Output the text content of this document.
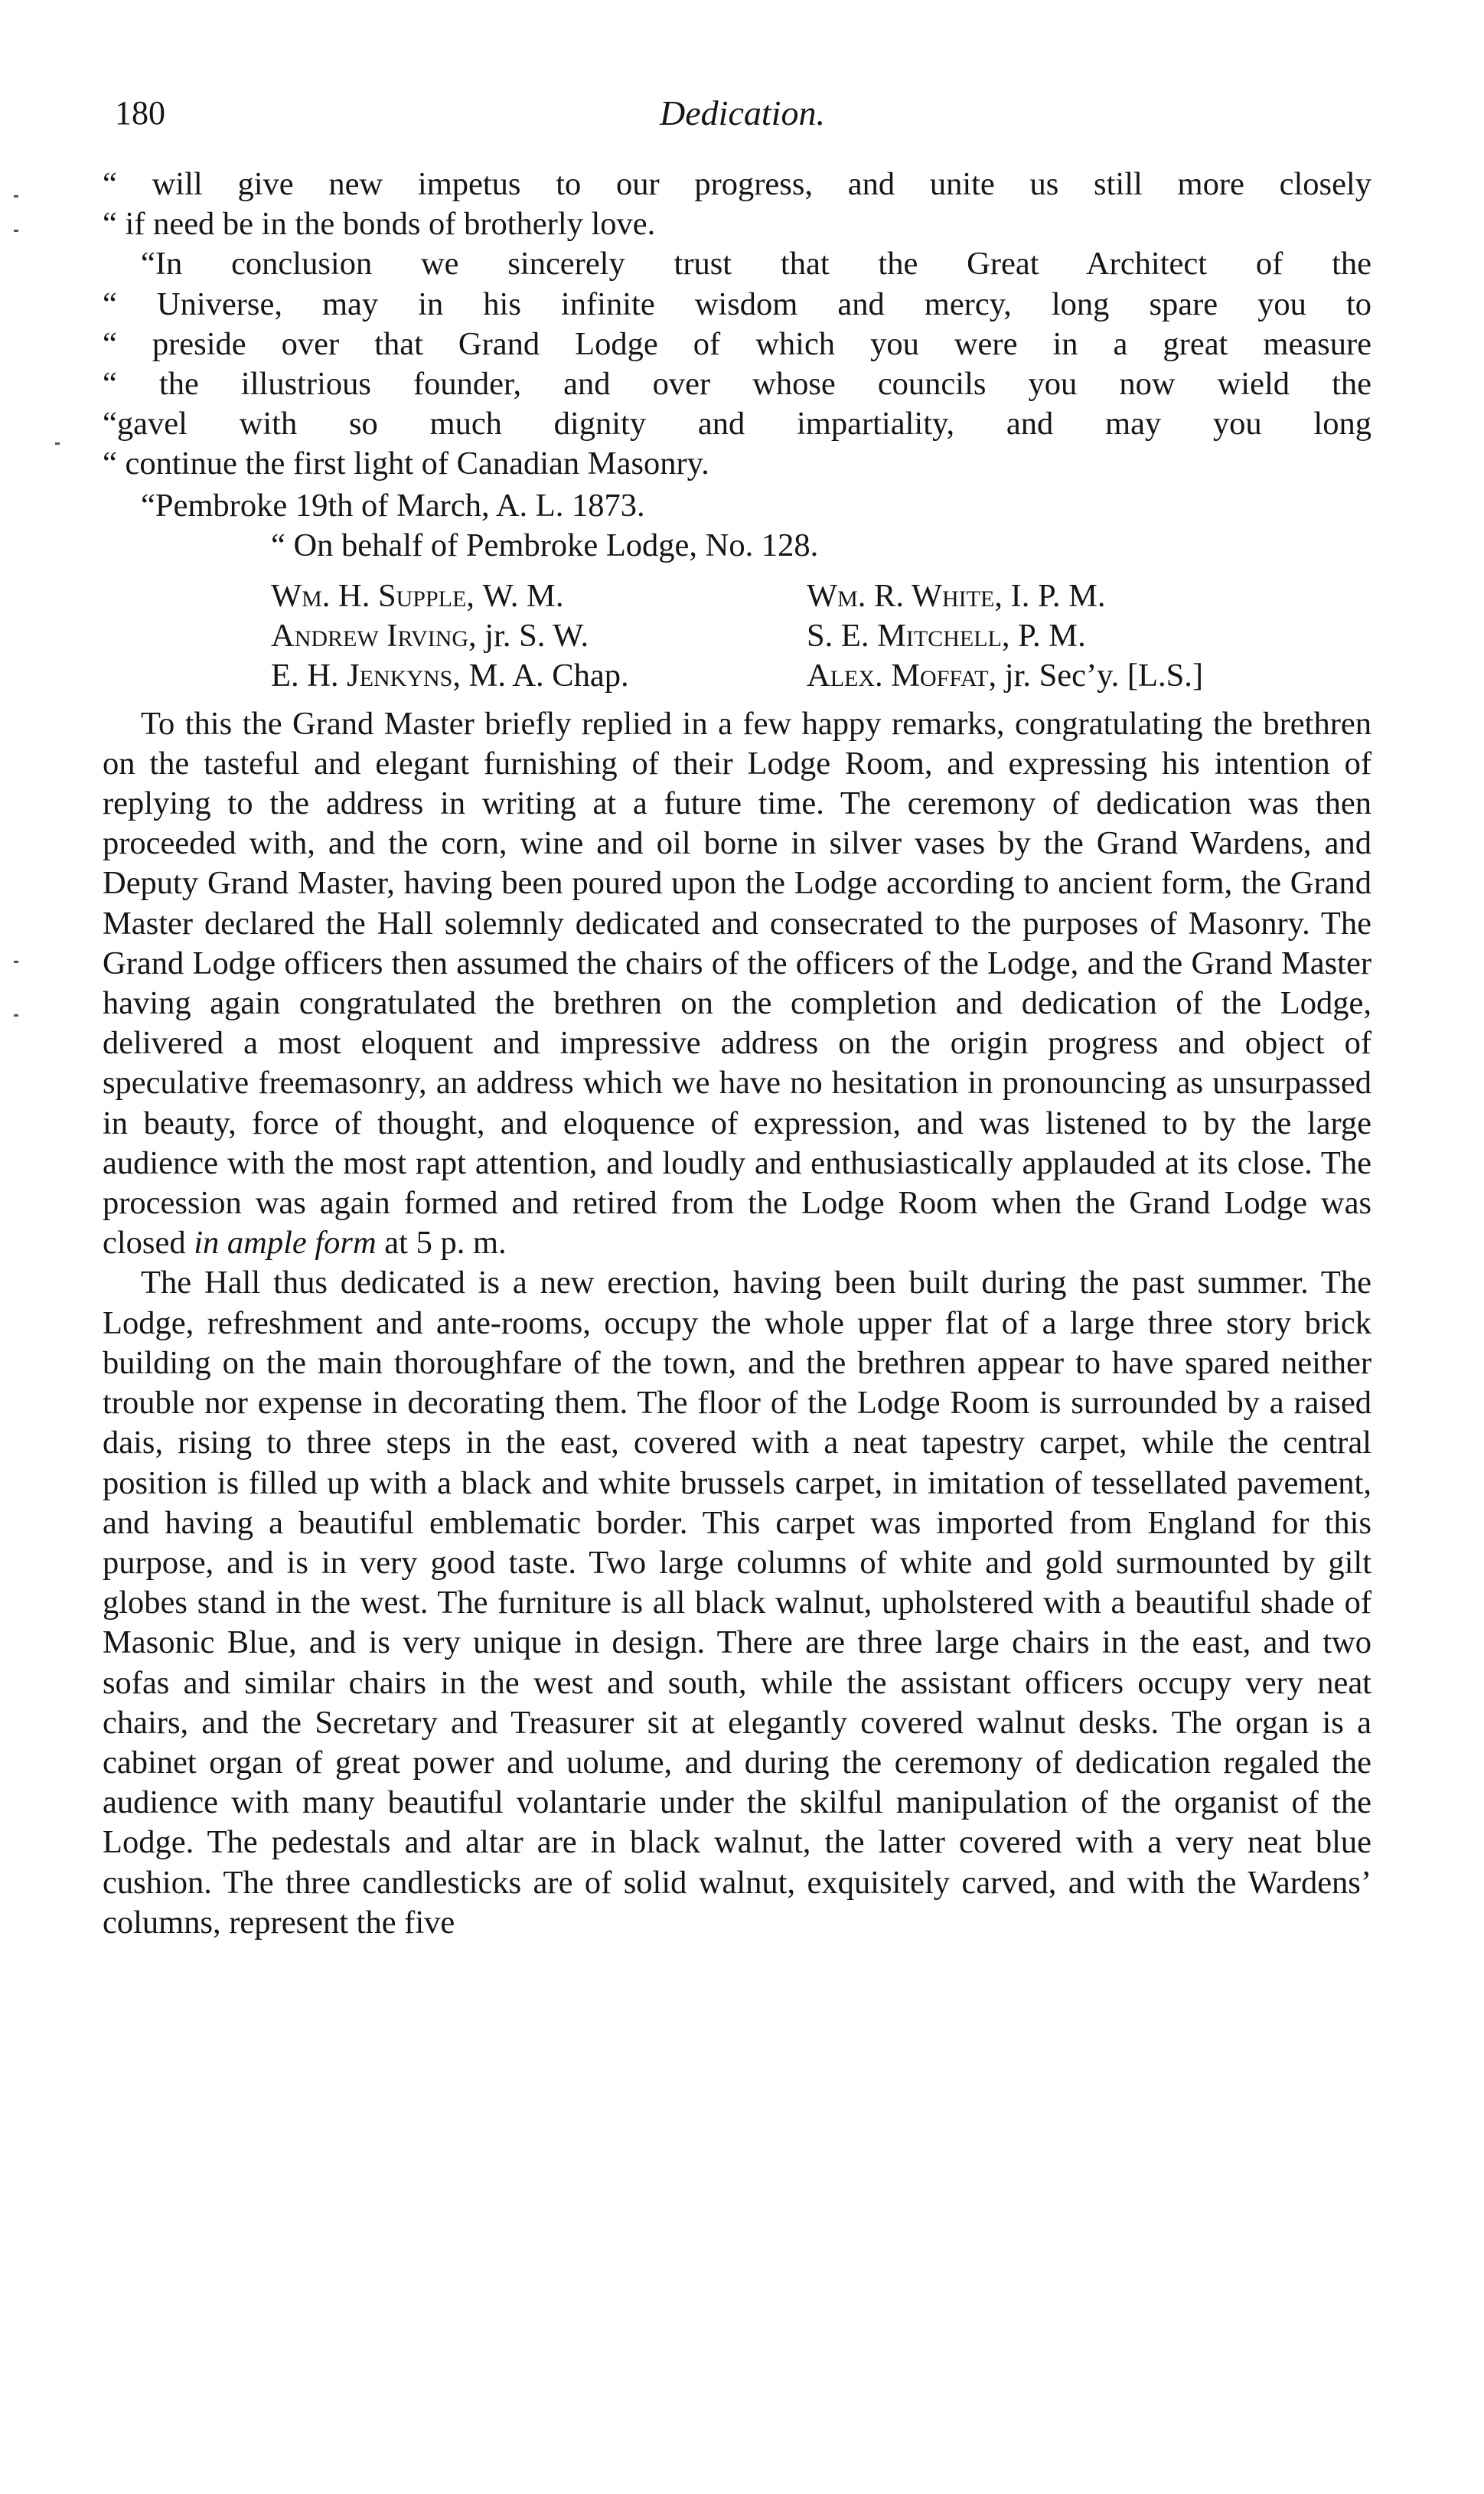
180	Dedication.

“ will give new impetus to our progress, and unite us still more closely

“ if need be in the bonds of brotherly love.

“In conclusion we sincerely trust that the Great Architect of the

“ Universe, may in his infinite wisdom and mercy, long spare you to

“ preside over that Grand Lodge of which you were in a great measure

“ the illustrious founder, and over whose councils you now wield the

“gavel with so much dignity and impartiality, and may you long

“ continue the first light of Canadian Masonry.

“Pembroke 19th of March, A. L. 1873.

“ On behalf of Pembroke Lodge, No. 128.

Wm. H. Supple, W. M.	Wm. R. White, I. P. M.
Andrew Irving, jr. S. W.	S. E. Mitchell, P. M.
E. H. Jenkyns, M. A. Chap.	Alex. Moffat, jr. Sec’y. [L.S.]

To this the Grand Master briefly replied in a few happy remarks, congratulating the brethren on the tasteful and elegant furnishing of their Lodge Room, and expressing his intention of replying to the address in writing at a future time. The ceremony of dedication was then proceeded with, and the corn, wine and oil borne in silver vases by the Grand Wardens, and Deputy Grand Master, having been poured upon the Lodge according to ancient form, the Grand Master declared the Hall solemnly dedicated and consecrated to the purposes of Masonry. The Grand Lodge officers then assumed the chairs of the officers of the Lodge, and the Grand Master having again congratulated the brethren on the completion and dedication of the Lodge, delivered a most eloquent and impressive address on the origin progress and object of speculative freemasonry, an address which we have no hesitation in pronouncing as unsurpassed in beauty, force of thought, and eloquence of expression, and was listened to by the large audience with the most rapt attention, and loudly and enthusiastically applauded at its close. The procession was again formed and retired from the Lodge Room when the Grand Lodge was closed in ample form at 5 p. m.

The Hall thus dedicated is a new erection, having been built during the past summer. The Lodge, refreshment and ante-rooms, occupy the whole upper flat of a large three story brick building on the main thoroughfare of the town, and the brethren appear to have spared neither trouble nor expense in decorating them. The floor of the Lodge Room is surrounded by a raised dais, rising to three steps in the east, covered with a neat tapestry carpet, while the central position is filled up with a black and white brussels carpet, in imitation of tessellated pavement, and having a beautiful emblematic border. This carpet was imported from England for this purpose, and is in very good taste. Two large columns of white and gold surmounted by gilt globes stand in the west. The furniture is all black walnut, upholstered with a beautiful shade of Masonic Blue, and is very unique in design. There are three large chairs in the east, and two sofas and similar chairs in the west and south, while the assistant officers occupy very neat chairs, and the Secretary and Treasurer sit at elegantly covered walnut desks. The organ is a cabinet organ of great power and uolume, and during the ceremony of dedication regaled the audience with many beautiful volantarie under the skilful manipulation of the organist of the Lodge. The pedestals and altar are in black walnut, the latter covered with a very neat blue cushion. The three candlesticks are of solid walnut, exquisitely carved, and with the Wardens’ columns, represent the five
